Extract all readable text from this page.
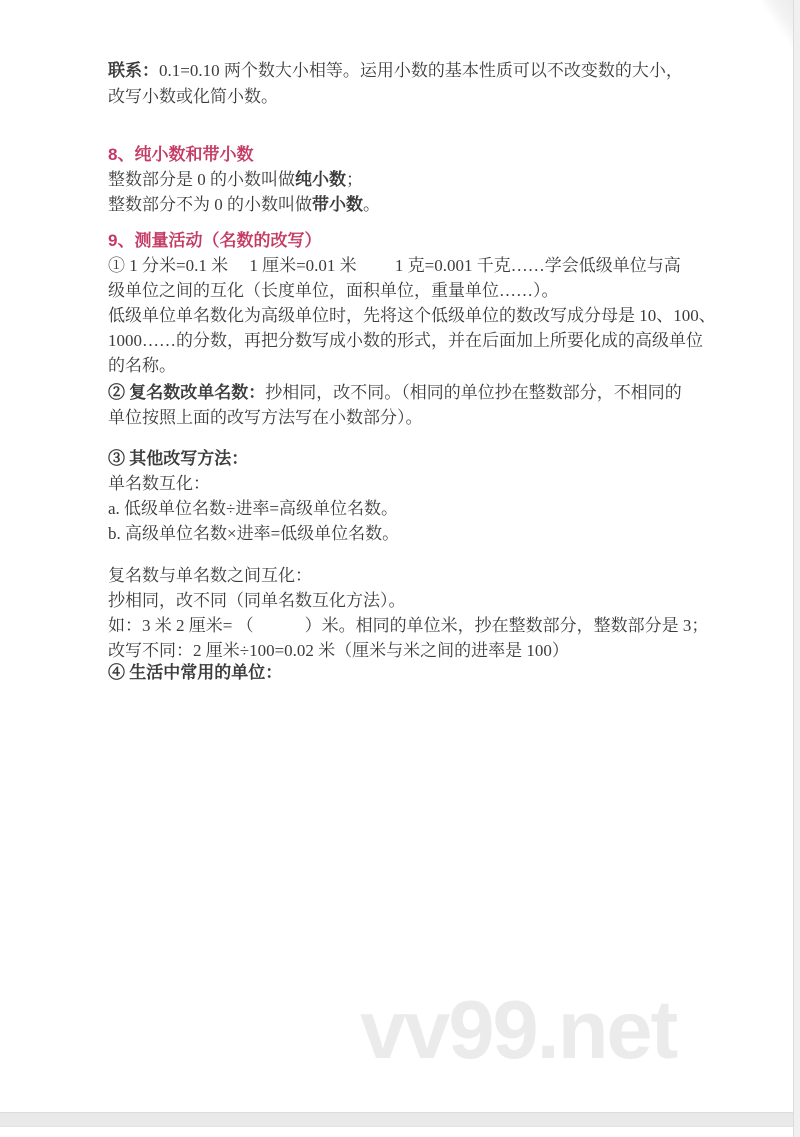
联系：0.1=0.10 两个数大小相等。运用小数的基本性质可以不改变数的大小，
改写小数或化简小数。
8、纯小数和带小数
整数部分是 0 的小数叫做纯小数；
整数部分不为 0 的小数叫做带小数。
9、测量活动（名数的改写）
① 1 分米=0.1 米　 1 厘米=0.01 米　　 1 克=0.001 千克……学会低级单位与高
级单位之间的互化（长度单位，面积单位，重量单位……）。
低级单位单名数化为高级单位时，先将这个低级单位的数改写成分母是 10、100、
1000……的分数，再把分数写成小数的形式，并在后面加上所要化成的高级单位
的名称。
② 复名数改单名数：抄相同，改不同。（相同的单位抄在整数部分，不相同的
单位按照上面的改写方法写在小数部分）。
③ 其他改写方法：
单名数互化：
a. 低级单位名数÷进率=高级单位名数。
b. 高级单位名数×进率=低级单位名数。
复名数与单名数之间互化：
抄相同，改不同（同单名数互化方法）。
如：3 米 2 厘米= （　　　）米。相同的单位米，抄在整数部分，整数部分是 3；
改写不同：2 厘米÷100=0.02 米（厘米与米之间的进率是 100）
④ 生活中常用的单位：
vv99.net
